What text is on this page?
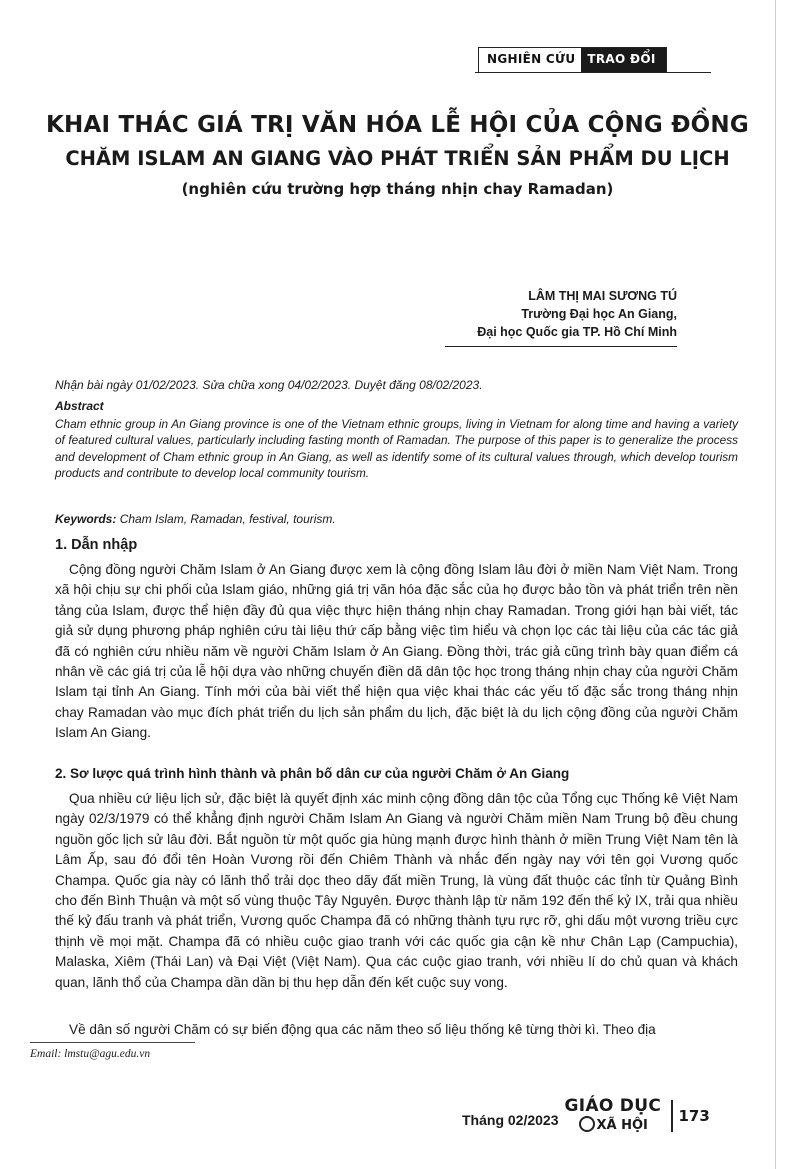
NGHIÊN CỨU	TRAO ĐỔI
KHAI THÁC GIÁ TRỊ VĂN HÓA LỄ HỘI CỦA CỘNG ĐỒNG
CHĂM ISLAM AN GIANG VÀO PHÁT TRIỂN SẢN PHẨM DU LỊCH
(nghiên cứu trường hợp tháng nhịn chay Ramadan)
LÂM THỊ MAI SƯƠNG TÚ
Trường Đại học An Giang,
Đại học Quốc gia TP. Hồ Chí Minh
Nhận bài ngày 01/02/2023. Sửa chữa xong 04/02/2023. Duyệt đăng 08/02/2023.
Abstract
Cham ethnic group in An Giang province is one of the Vietnam ethnic groups, living in Vietnam for along time and having a variety of featured cultural values, particularly including fasting month of Ramadan. The purpose of this paper is to generalize the process and development of Cham ethnic group in An Giang, as well as identify some of its cultural values through, which develop tourism products and contribute to develop local community tourism.
Keywords: Cham Islam, Ramadan, festival, tourism.
1. Dẫn nhập
Cộng đồng người Chăm Islam ở An Giang được xem là cộng đồng Islam lâu đời ở miền Nam Việt Nam. Trong xã hội chịu sự chi phối của Islam giáo, những giá trị văn hóa đặc sắc của họ được bảo tồn và phát triển trên nền tảng của Islam, được thể hiện đầy đủ qua việc thực hiện tháng nhịn chay Ramadan. Trong giới hạn bài viết, tác giả sử dụng phương pháp nghiên cứu tài liệu thứ cấp bằng việc tìm hiểu và chọn lọc các tài liệu của các tác giả đã có nghiên cứu nhiều năm về người Chăm Islam ở An Giang. Đồng thời, trác giả cũng trình bày quan điểm cá nhân về các giá trị của lễ hội dựa vào những chuyến điền dã dân tộc học trong tháng nhịn chay của người Chăm Islam tại tỉnh An Giang. Tính mới của bài viết thể hiện qua việc khai thác các yếu tố đặc sắc trong tháng nhịn chay Ramadan vào mục đích phát triển du lịch sản phẩm du lịch, đặc biệt là du lịch cộng đồng của người Chăm Islam An Giang.
2. Sơ lược quá trình hình thành và phân bố dân cư của người Chăm ở An Giang
Qua nhiều cứ liệu lịch sử, đặc biệt là quyết định xác minh cộng đồng dân tộc của Tổng cục Thống kê Việt Nam ngày 02/3/1979 có thể khẳng định người Chăm Islam An Giang và người Chăm miền Nam Trung bộ đều chung nguồn gốc lịch sử lâu đời. Bắt nguồn từ một quốc gia hùng mạnh được hình thành ở miền Trung Việt Nam tên là Lâm Ấp, sau đó đổi tên Hoàn Vương rồi đến Chiêm Thành và nhắc đến ngày nay với tên gọi Vương quốc Champa. Quốc gia này có lãnh thổ trải dọc theo dãy đất miền Trung, là vùng đất thuộc các tỉnh từ Quảng Bình cho đến Bình Thuận và một số vùng thuộc Tây Nguyên. Được thành lập từ năm 192 đến thế kỷ IX, trải qua nhiều thế kỷ đấu tranh và phát triển, Vương quốc Champa đã có những thành tựu rực rỡ, ghi dấu một vương triều cực thịnh về mọi mặt. Champa đã có nhiều cuộc giao tranh với các quốc gia cận kề như Chân Lạp (Campuchia), Malaska, Xiêm (Thái Lan) và Đại Việt (Việt Nam). Qua các cuộc giao tranh, với nhiều lí do chủ quan và khách quan, lãnh thổ của Champa dần dần bị thu hẹp dẫn đến kết cuộc suy vong.
Về dân số người Chăm có sự biến động qua các năm theo số liệu thống kê từng thời kì. Theo địa
Email: lmstu@agu.edu.vn
Tháng 02/2023
GIÁO DỤC
XÃ HỘI
173
